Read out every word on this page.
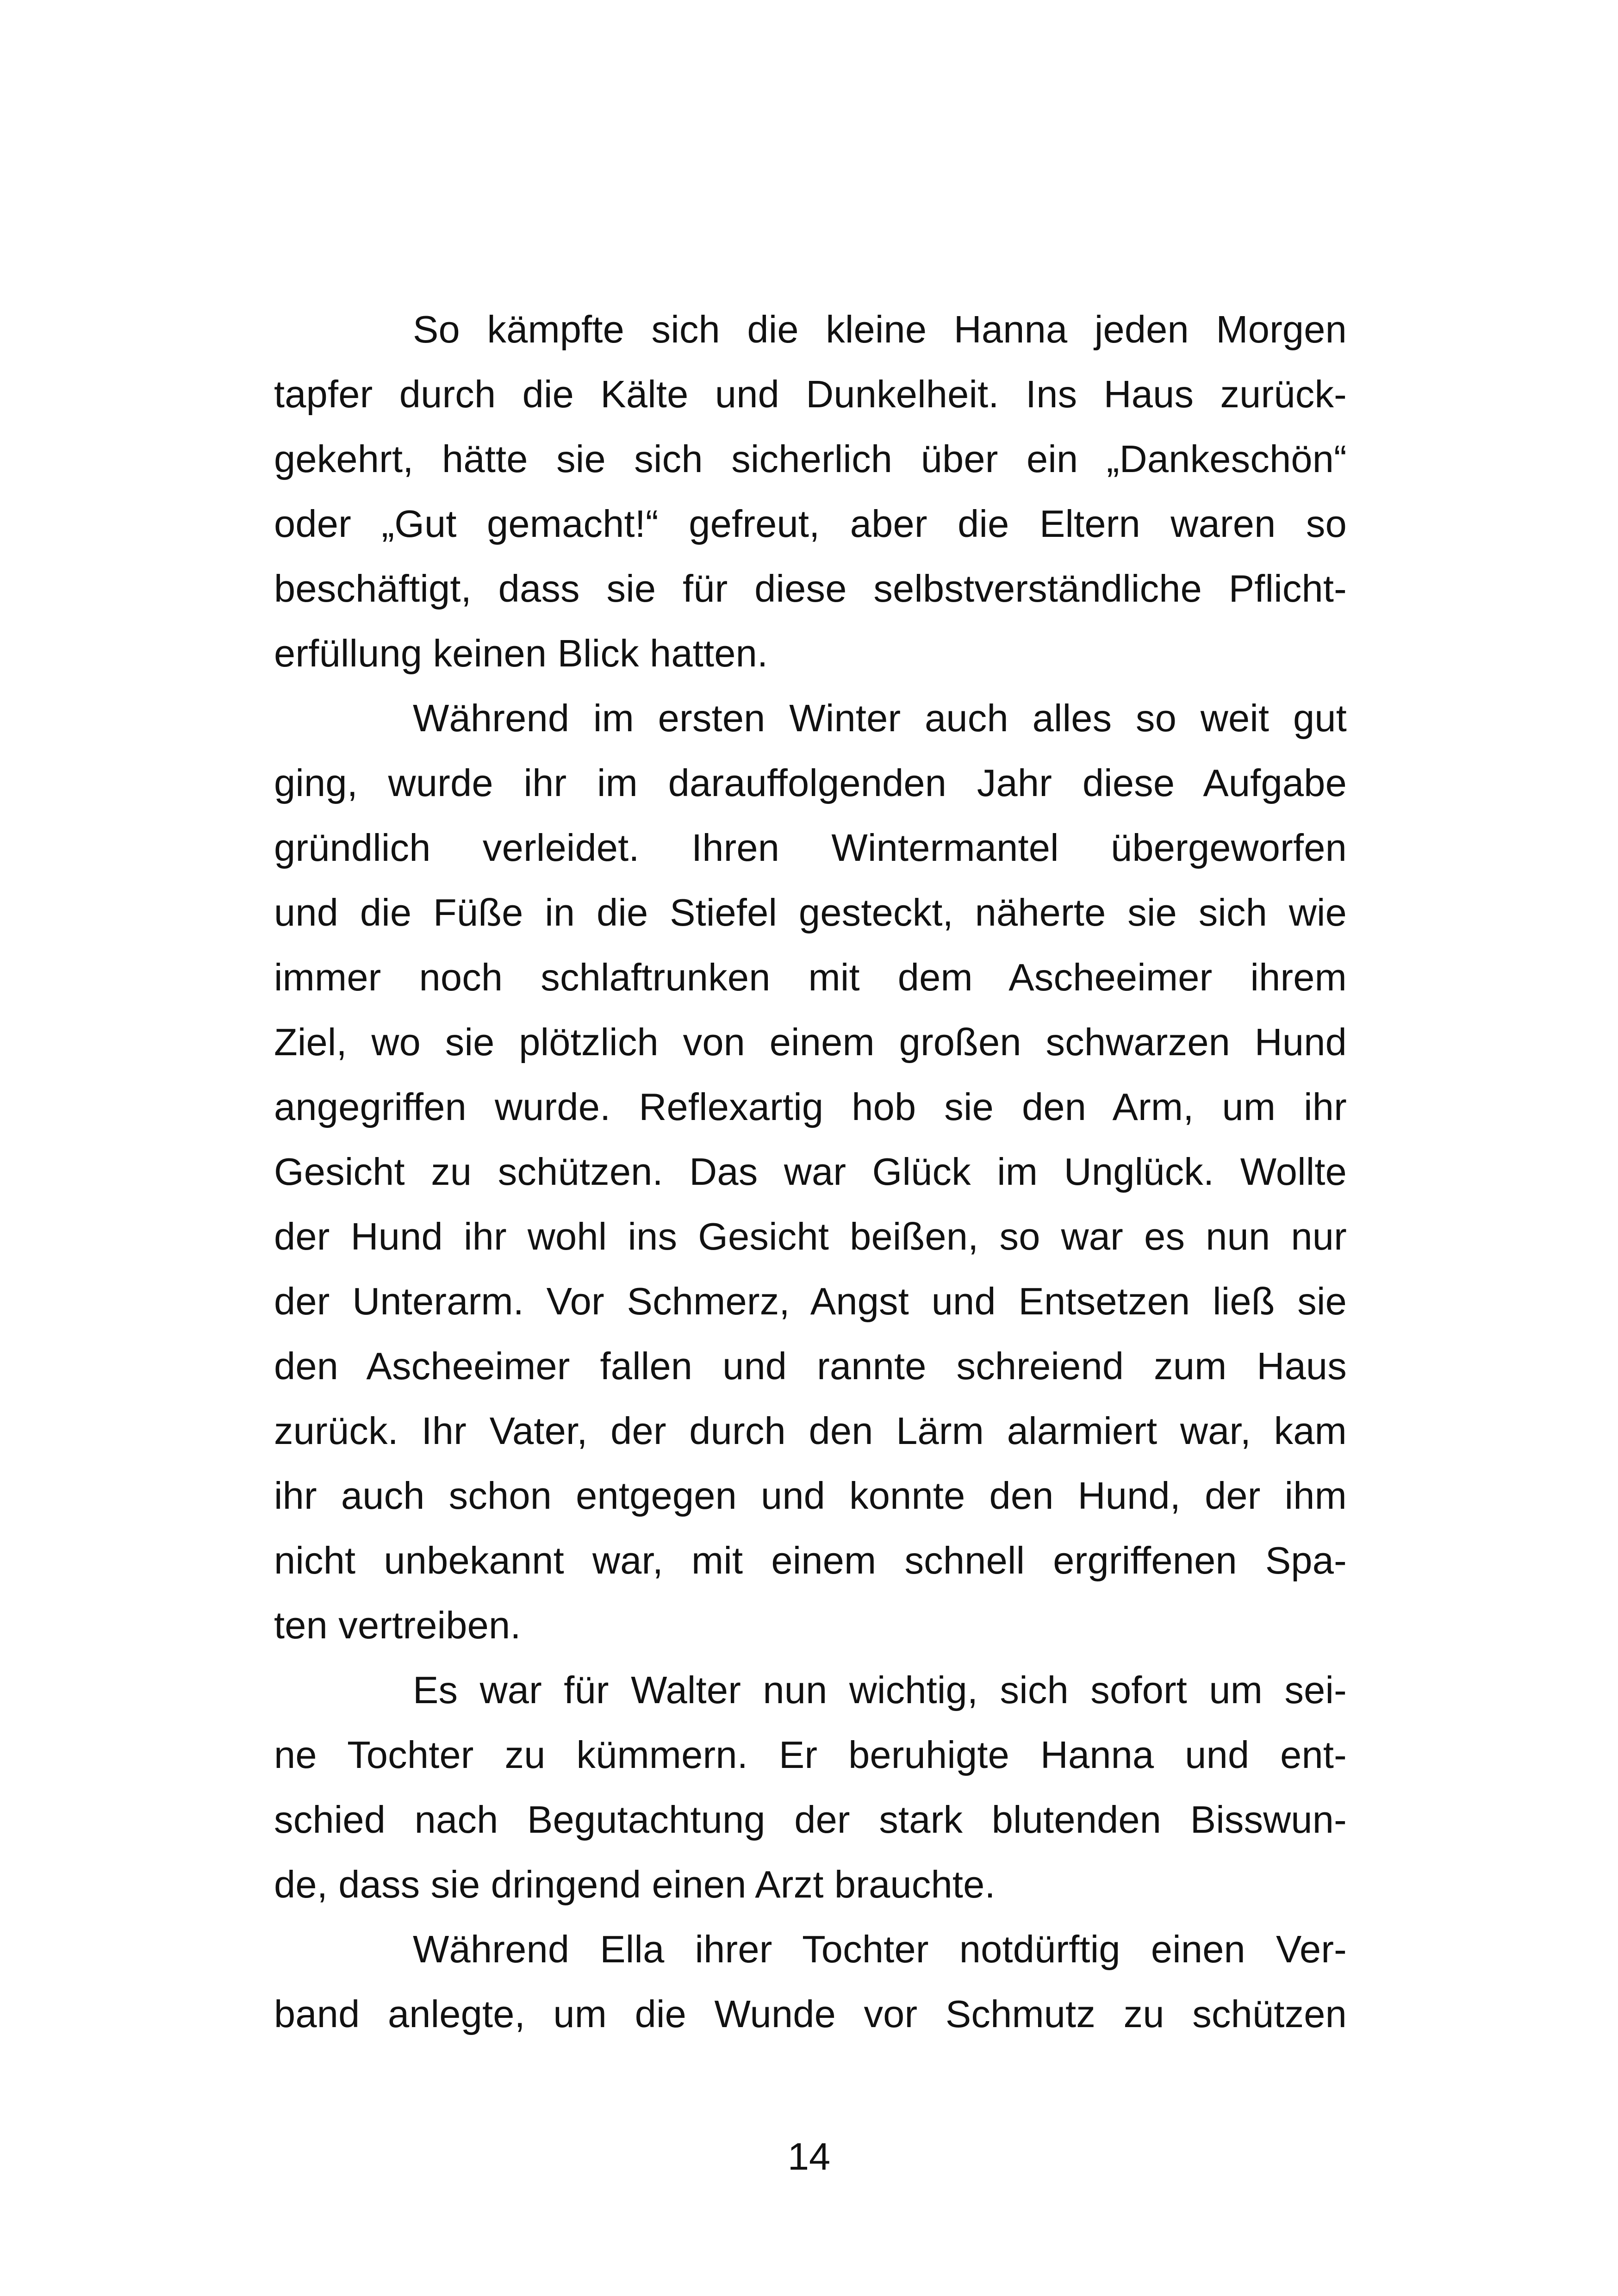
So kämpfte sich die kleine Hanna jeden Morgen
tapfer durch die Kälte und Dunkelheit. Ins Haus zurück-
gekehrt, hätte sie sich sicherlich über ein „Dankeschön“
oder „Gut gemacht!“ gefreut, aber die Eltern waren so
beschäftigt, dass sie für diese selbstverständliche Pflicht-
erfüllung keinen Blick hatten.
Während im ersten Winter auch alles so weit gut
ging, wurde ihr im darauffolgenden Jahr diese Aufgabe
gründlich verleidet. Ihren Wintermantel übergeworfen
und die Füße in die Stiefel gesteckt, näherte sie sich wie
immer noch schlaftrunken mit dem Ascheeimer ihrem
Ziel, wo sie plötzlich von einem großen schwarzen Hund
angegriffen wurde. Reflexartig hob sie den Arm, um ihr
Gesicht zu schützen. Das war Glück im Unglück. Wollte
der Hund ihr wohl ins Gesicht beißen, so war es nun nur
der Unterarm. Vor Schmerz, Angst und Entsetzen ließ sie
den Ascheeimer fallen und rannte schreiend zum Haus
zurück. Ihr Vater, der durch den Lärm alarmiert war, kam
ihr auch schon entgegen und konnte den Hund, der ihm
nicht unbekannt war, mit einem schnell ergriffenen Spa-
ten vertreiben.
Es war für Walter nun wichtig, sich sofort um sei-
ne Tochter zu kümmern. Er beruhigte Hanna und ent-
schied nach Begutachtung der stark blutenden Bisswun-
de, dass sie dringend einen Arzt brauchte.
Während Ella ihrer Tochter notdürftig einen Ver-
band anlegte, um die Wunde vor Schmutz zu schützen
14
